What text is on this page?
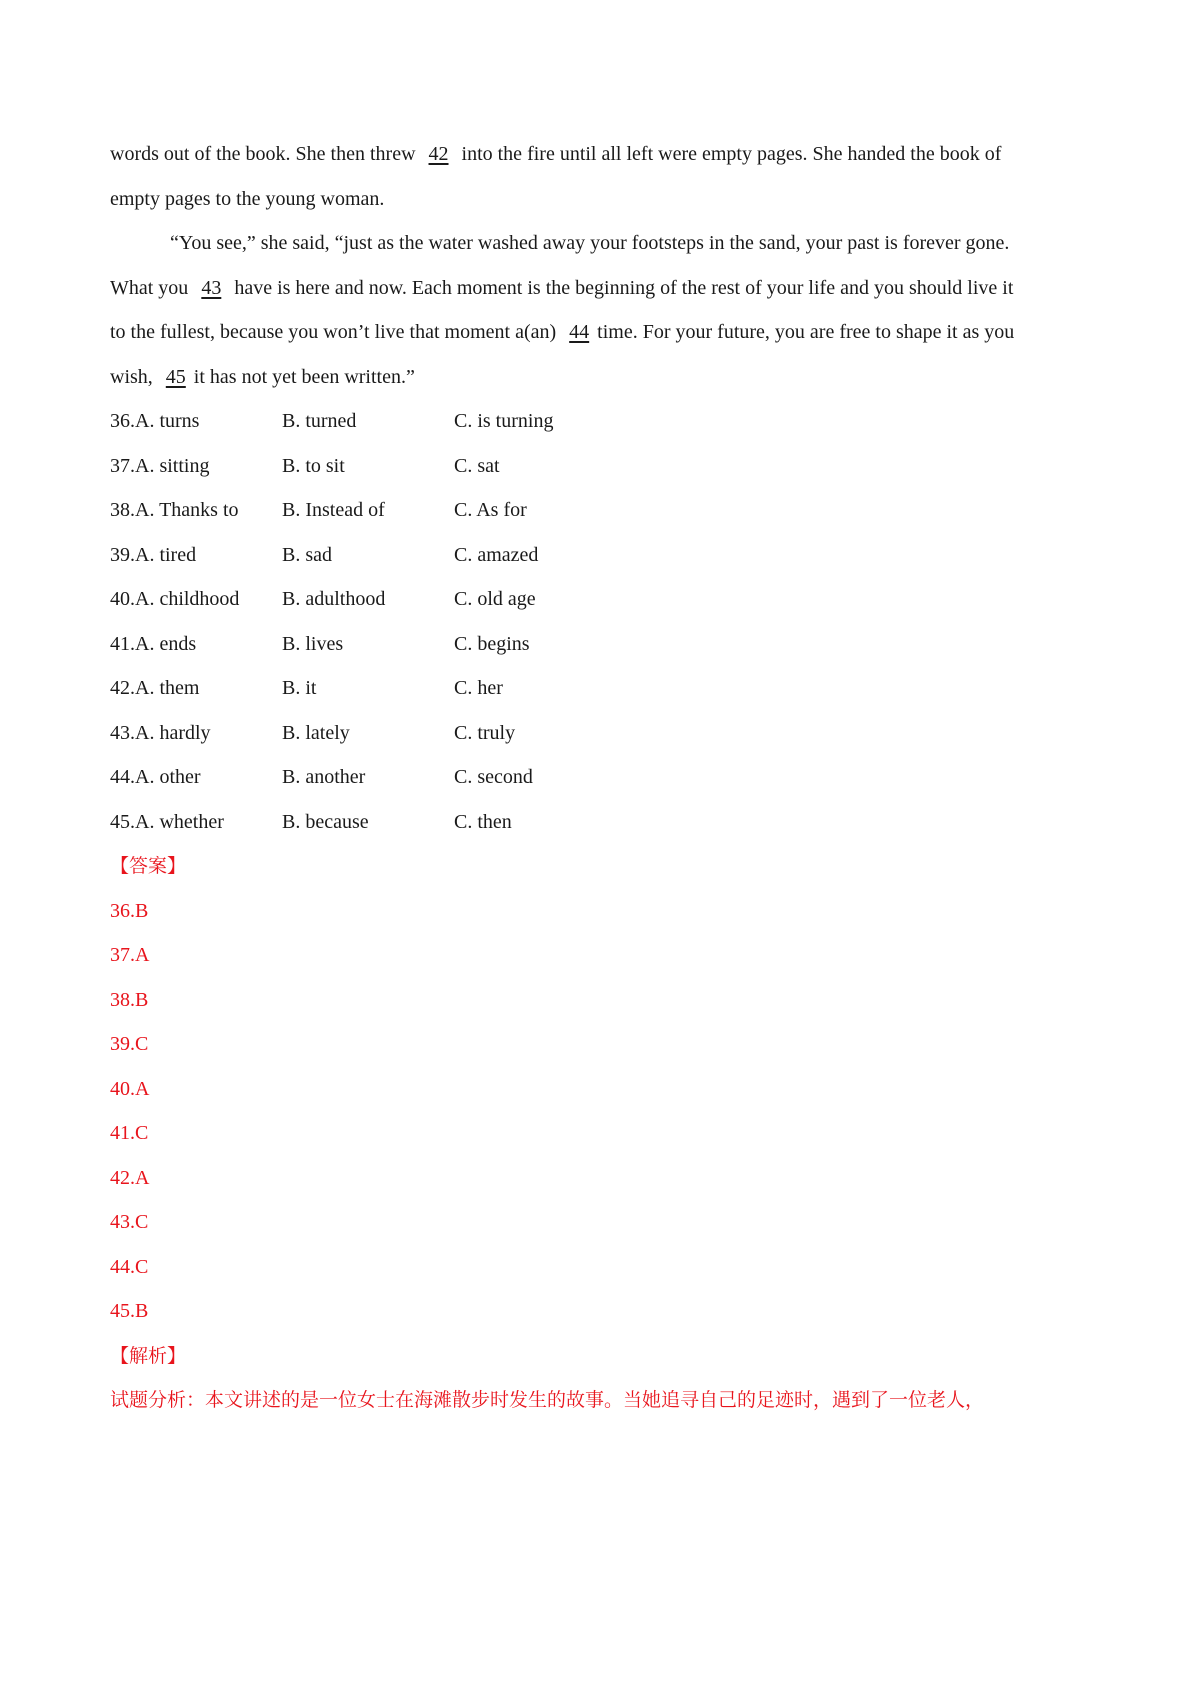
words out of the book. She then threw 42 into the fire until all left were empty pages. She handed the book of
empty pages to the young woman.
“You see,” she said, “just as the water washed away your footsteps in the sand, your past is forever gone.
What you 43 have is here and now. Each moment is the beginning of the rest of your life and you should live it
to the fullest, because you won’t live that moment a(an) 44 time. For your future, you are free to shape it as you
wish, 45 it has not yet been written.”
36.A. turns	B. turned	C. is turning
37.A. sitting	B. to sit	C. sat
38.A. Thanks to B. Instead of	C. As for
39.A. tired	B. sad	C. amazed
40.A. childhood B. adulthood	C. old age
41.A. ends	B. lives	C. begins
42.A. them	B. it	C. her
43.A. hardly	B. lately	C. truly
44.A. other	B. another	C. second
45.A. whether	B. because	C. then
【答案】
36.B
37.A
38.B
39.C
40.A
41.C
42.A
43.C
44.C
45.B
【解析】
试题分析：本文讲述的是一位女士在海滩散步时发生的故事。当她追寻自己的足迹时，遇到了一位老人，
